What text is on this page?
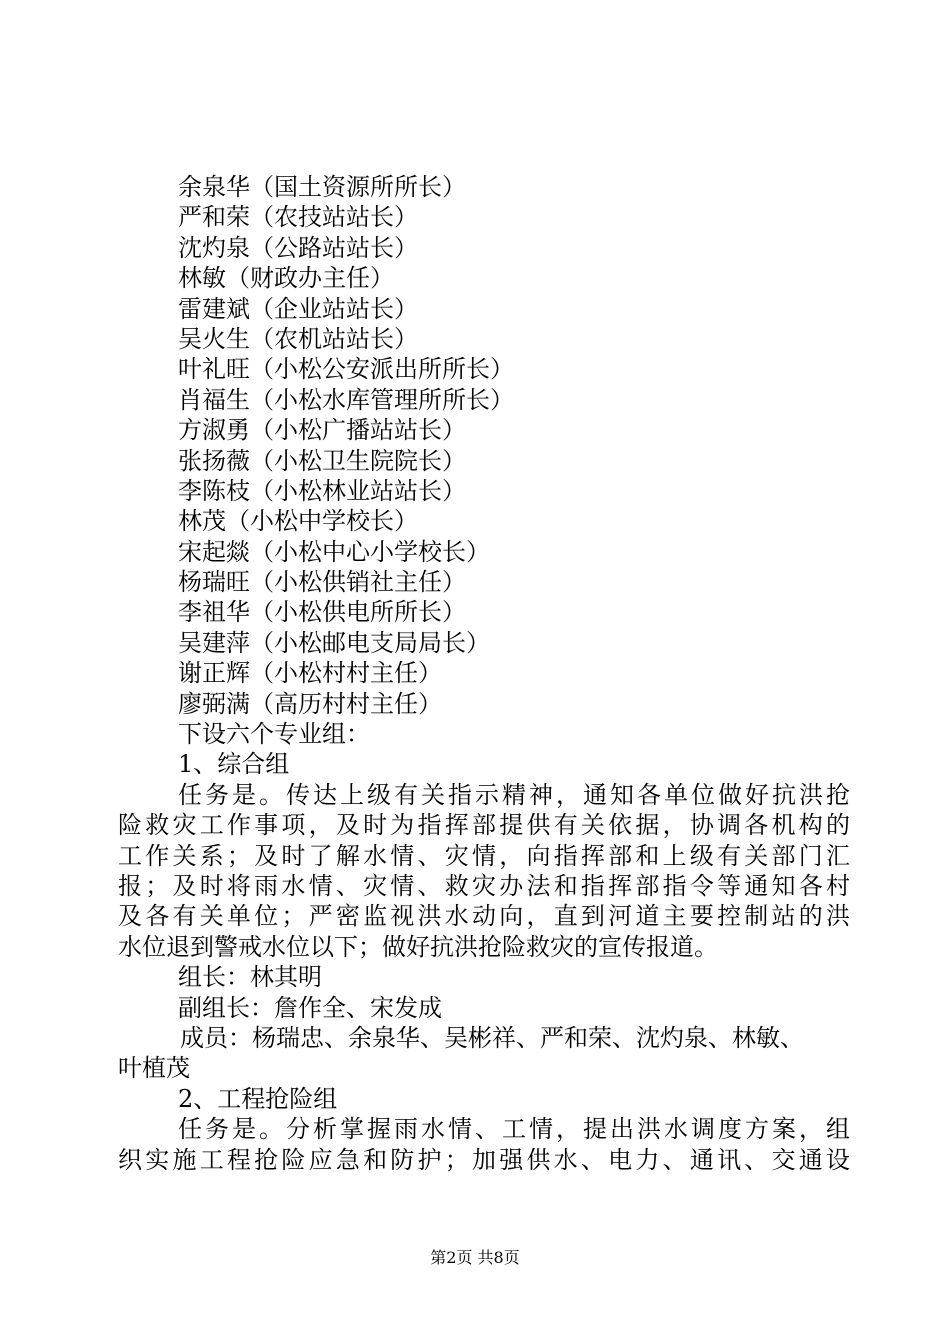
余泉华（国土资源所所长）
严和荣（农技站站长）
沈灼泉（公路站站长）
林敏（财政办主任）
雷建斌（企业站站长）
吴火生（农机站站长）
叶礼旺（小松公安派出所所长）
肖福生（小松水库管理所所长）
方淑勇（小松广播站站长）
张扬薇（小松卫生院院长）
李陈枝（小松林业站站长）
林茂（小松中学校长）
宋起燚（小松中心小学校长）
杨瑞旺（小松供销社主任）
李祖华（小松供电所所长）
吴建萍（小松邮电支局局长）
谢正辉（小松村村主任）
廖弼满（高历村村主任）
下设六个专业组：
1、综合组
任务是。传达上级有关指示精神，通知各单位做好抗洪抢
险救灾工作事项，及时为指挥部提供有关依据，协调各机构的
工作关系；及时了解水情、灾情，向指挥部和上级有关部门汇
报；及时将雨水情、灾情、救灾办法和指挥部指令等通知各村
及各有关单位；严密监视洪水动向，直到河道主要控制站的洪
水位退到警戒水位以下；做好抗洪抢险救灾的宣传报道。
组长：林其明
副组长：詹作全、宋发成
成员：杨瑞忠、余泉华、吴彬祥、严和荣、沈灼泉、林敏、
叶植茂
2、工程抢险组
任务是。分析掌握雨水情、工情，提出洪水调度方案，组
织实施工程抢险应急和防护；加强供水、电力、通讯、交通设
第2页 共8页
